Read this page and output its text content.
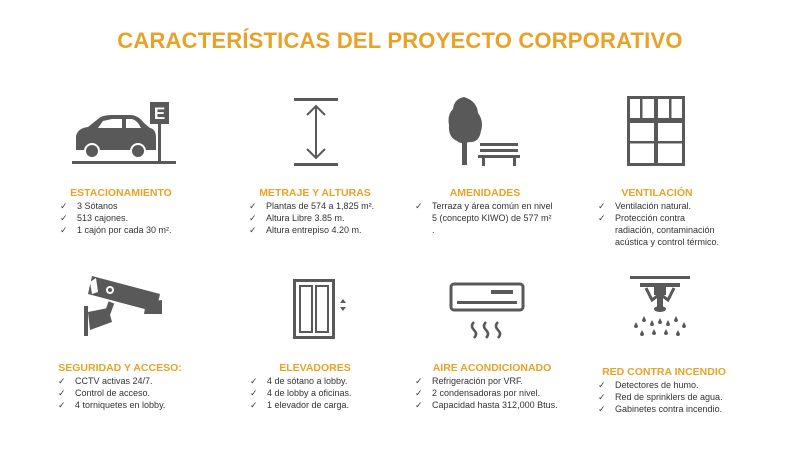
CARACTERÍSTICAS DEL PROYECTO CORPORATIVO
E
ESTACIONAMIENTO	METRAJE Y ALTURAS	AMENIDADES	VENTILACIÓN
✓ 3 Sótanos
✓ 513 cajones.
✓ 1 cajón por cada 30 m².
✓ Plantas de 574 a 1,825 m².
✓ Altura Libre 3.85 m.
✓ Altura entrepiso 4.20 m.
✓ Terraza y área común en nivel
5 (concepto KIWO) de 577 m²
.
✓ Ventilación natural.
✓ Protección contra
radiación, contaminación
acústica y control térmico.
SEGURIDAD Y ACCESO:	ELEVADORES	AIRE ACONDICIONADO	RED CONTRA INCENDIO
✓ CCTV activas 24/7.
✓ Control de acceso.
✓ 4 torniquetes en lobby.
✓ 4 de sótano a lobby.
✓ 4 de lobby a oficinas.
✓ 1 elevador de carga.
✓ Refrigeración por VRF.
✓ 2 condensadoras por nivel.
✓ Capacidad hasta 312,000 Btus.
✓ Detectores de humo.
✓ Red de sprinklers de agua.
✓ Gabinetes contra incendio.
